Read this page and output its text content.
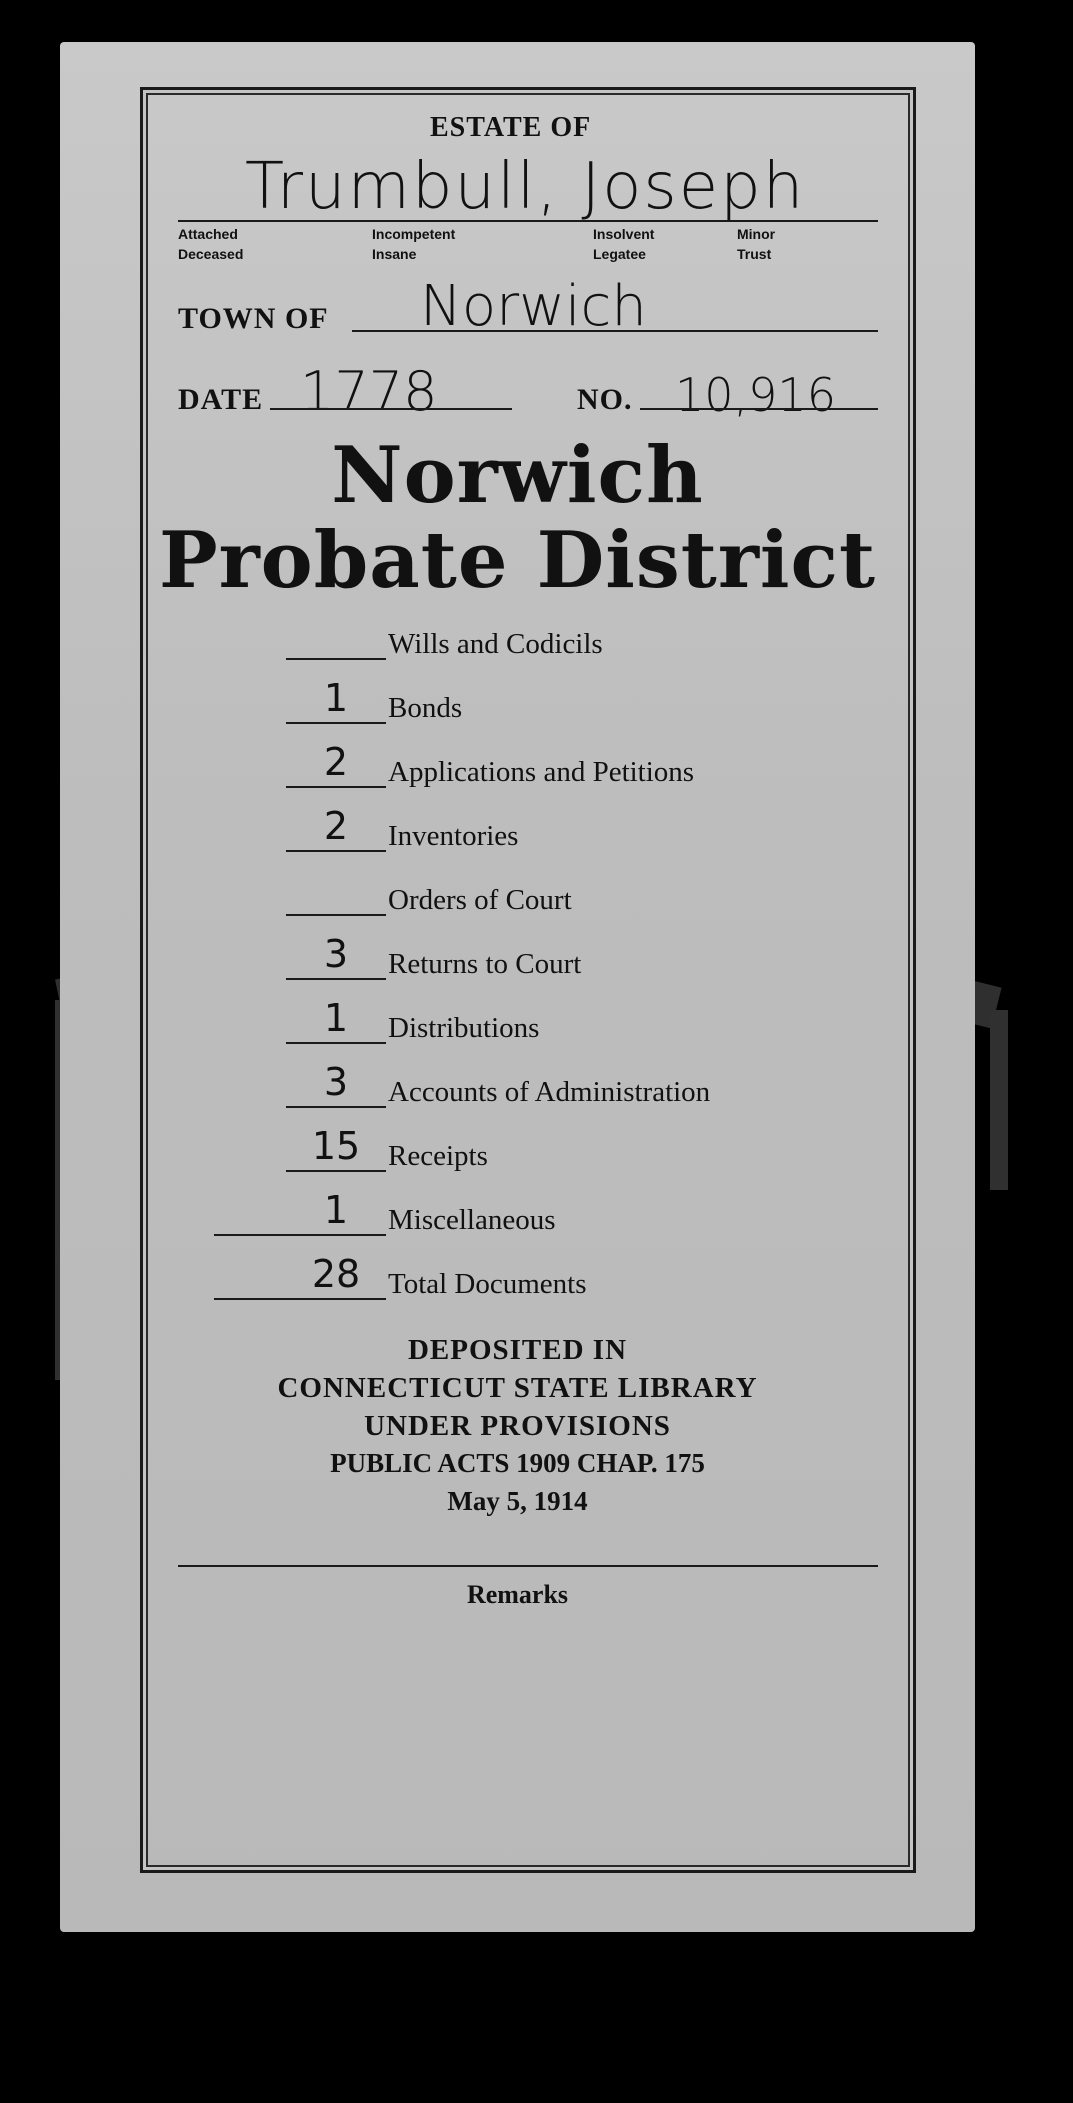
ESTATE OF
Trumbull, Joseph
Attached	Incompetent	Insolvent	Minor
Deceased	Insane	Legatee	Trust
TOWN OF Norwich
DATE 1778	NO. 10,916
Norwich
Probate District
Wills and Codicils
1	Bonds
2	Applications and Petitions
2	Inventories
Orders of Court
3	Returns to Court
1	Distributions
3	Accounts of Administration
15 Receipts
1	Miscellaneous
28 Total Documents
DEPOSITED IN
CONNECTICUT STATE LIBRARY
UNDER PROVISIONS
PUBLIC ACTS 1909 CHAP. 175
May 5, 1914
Remarks
